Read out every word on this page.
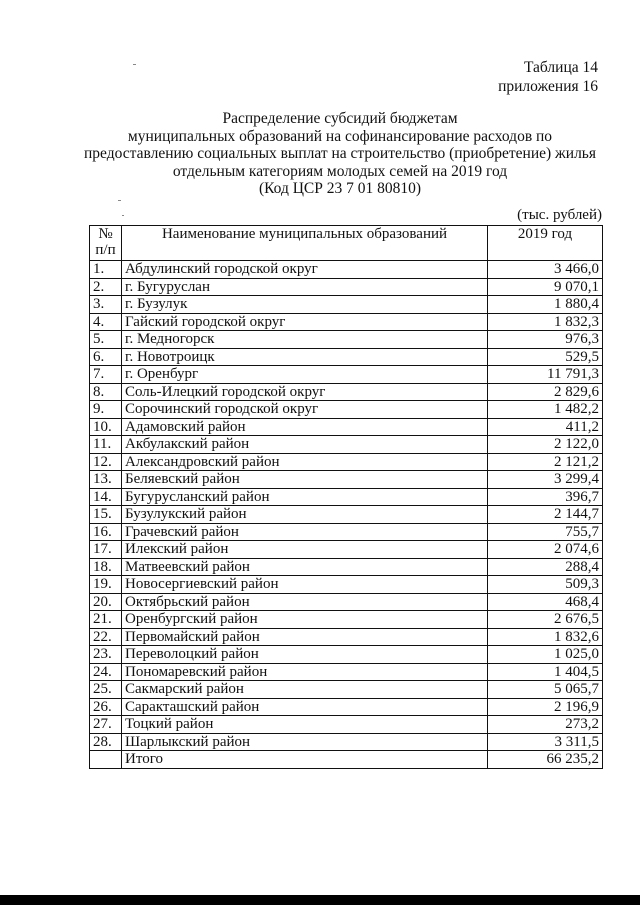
Таблица 14
приложения 16
Распределение субсидий бюджетам
муниципальных образований на софинансирование расходов по
предоставлению социальных выплат на строительство (приобретение) жилья
отдельным категориям молодых семей на 2019 год
(Код ЦСР 23 7 01 80810)
(тыс. рублей)
№ п/п	Наименование муниципальных образований	2019 год
1.	Абдулинский городской округ	3 466,0
2.	г. Бугуруслан	9 070,1
3.	г. Бузулук	1 880,4
4.	Гайский городской округ	1 832,3
5.	г. Медногорск	976,3
6.	г. Новотроицк	529,5
7.	г. Оренбург	11 791,3
8.	Соль-Илецкий городской округ	2 829,6
9.	Сорочинский городской округ	1 482,2
10.	Адамовский район	411,2
11.	Акбулакский район	2 122,0
12.	Александровский район	2 121,2
13.	Беляевский район	3 299,4
14.	Бугурусланский район	396,7
15.	Бузулукский район	2 144,7
16.	Грачевский район	755,7
17.	Илекский район	2 074,6
18.	Матвеевский район	288,4
19.	Новосергиевский район	509,3
20.	Октябрьский район	468,4
21.	Оренбургский район	2 676,5
22.	Первомайский район	1 832,6
23.	Переволоцкий район	1 025,0
24.	Пономаревский район	1 404,5
25.	Сакмарский район	5 065,7
26.	Саракташский район	2 196,9
27.	Тоцкий район	273,2
28.	Шарлыкский район	3 311,5
	Итого	66 235,2
